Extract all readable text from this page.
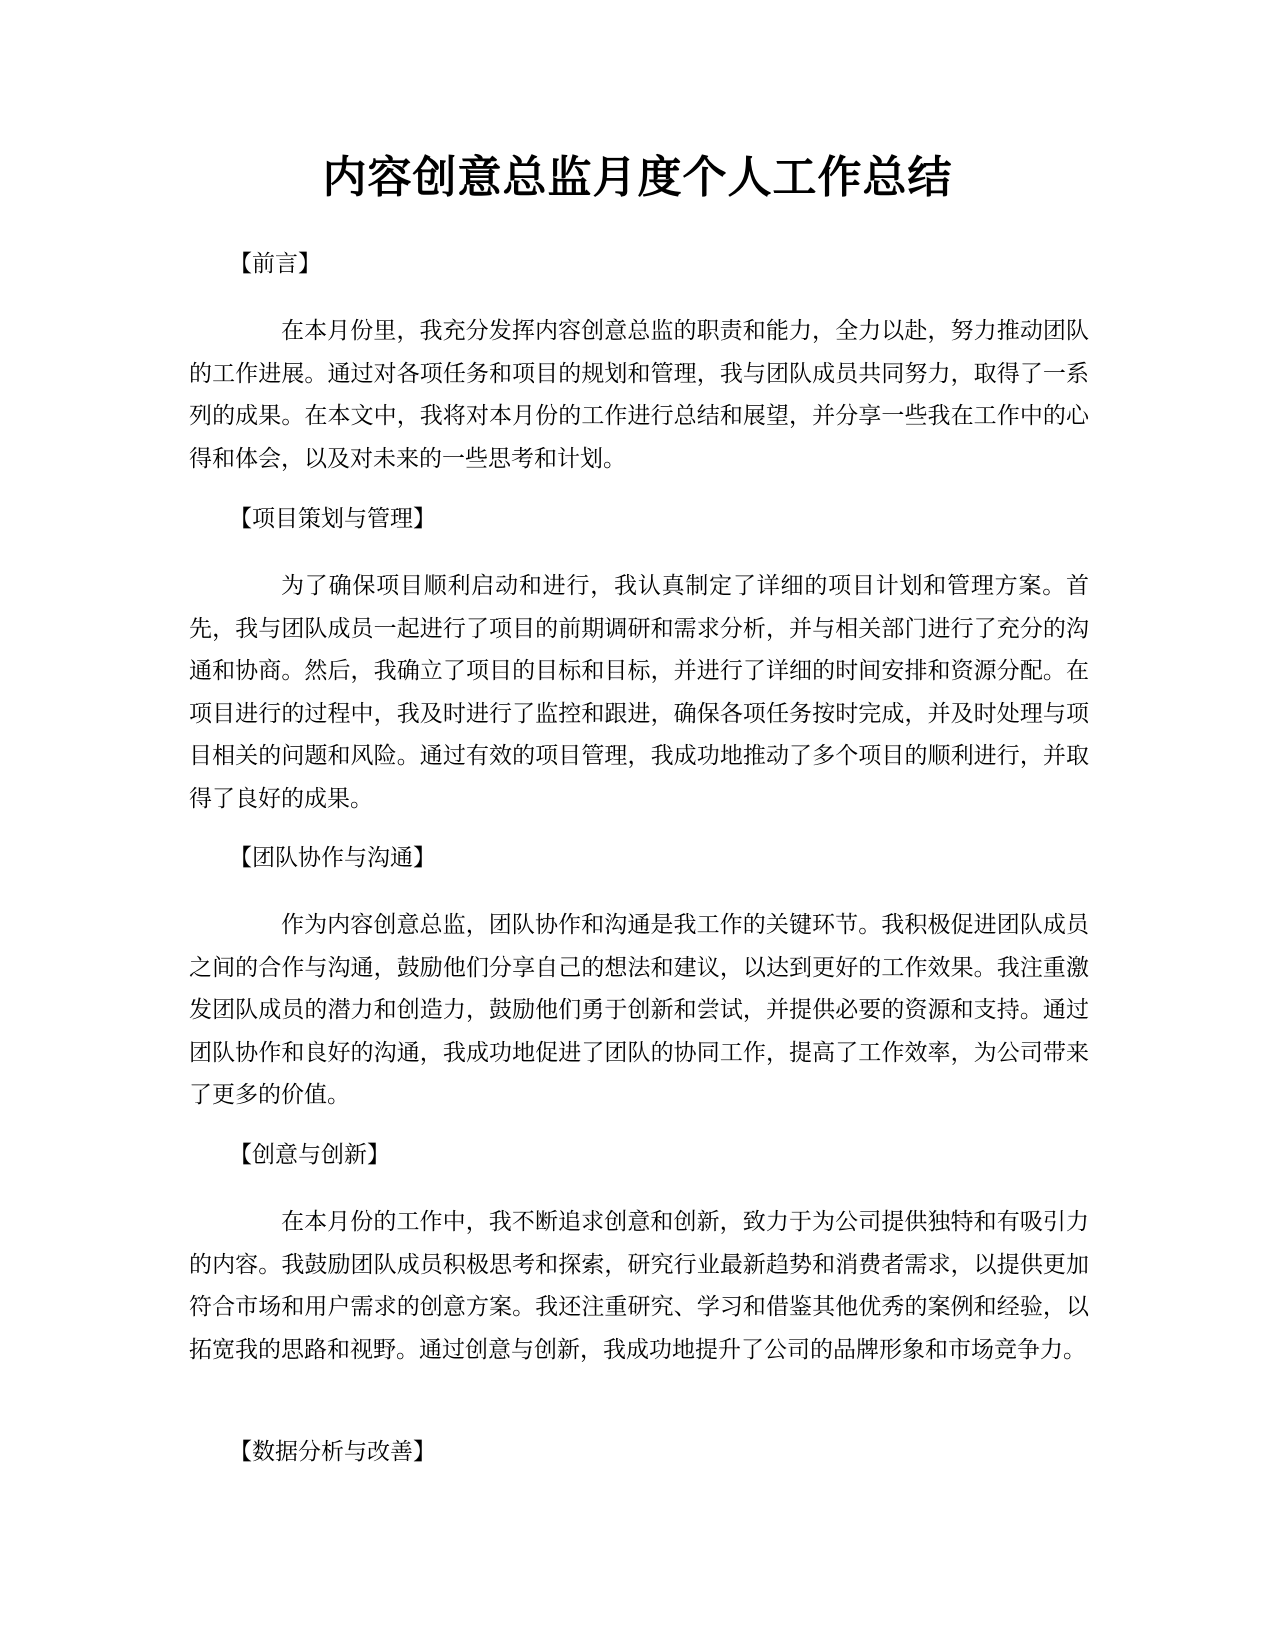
内容创意总监月度个人工作总结

【前言】

在本月份里，我充分发挥内容创意总监的职责和能力，全力以赴，努力推动团队的工作进展。通过对各项任务和项目的规划和管理，我与团队成员共同努力，取得了一系列的成果。在本文中，我将对本月份的工作进行总结和展望，并分享一些我在工作中的心得和体会，以及对未来的一些思考和计划。

【项目策划与管理】

为了确保项目顺利启动和进行，我认真制定了详细的项目计划和管理方案。首先，我与团队成员一起进行了项目的前期调研和需求分析，并与相关部门进行了充分的沟通和协商。然后，我确立了项目的目标和目标，并进行了详细的时间安排和资源分配。在项目进行的过程中，我及时进行了监控和跟进，确保各项任务按时完成，并及时处理与项目相关的问题和风险。通过有效的项目管理，我成功地推动了多个项目的顺利进行，并取得了良好的成果。

【团队协作与沟通】

作为内容创意总监，团队协作和沟通是我工作的关键环节。我积极促进团队成员之间的合作与沟通，鼓励他们分享自己的想法和建议，以达到更好的工作效果。我注重激发团队成员的潜力和创造力，鼓励他们勇于创新和尝试，并提供必要的资源和支持。通过团队协作和良好的沟通，我成功地促进了团队的协同工作，提高了工作效率，为公司带来了更多的价值。

【创意与创新】

在本月份的工作中，我不断追求创意和创新，致力于为公司提供独特和有吸引力的内容。我鼓励团队成员积极思考和探索，研究行业最新趋势和消费者需求，以提供更加符合市场和用户需求的创意方案。我还注重研究、学习和借鉴其他优秀的案例和经验，以拓宽我的思路和视野。通过创意与创新，我成功地提升了公司的品牌形象和市场竞争力。

【数据分析与改善】
